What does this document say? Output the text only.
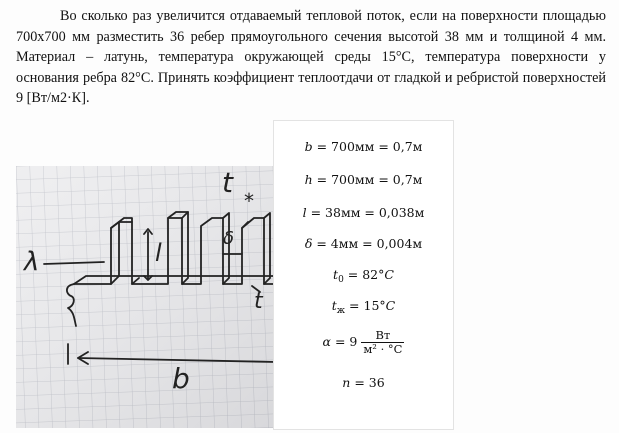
Во сколько раз увеличится отдаваемый тепловой поток, если на поверхности площадью 700х700 мм разместить 36 ребер прямоугольного сечения высотой 38 мм и толщиной 4 мм. Материал – латунь, температура окружающей среды 15°С, температура поверхности у основания ребра 82°С. Принять коэффициент теплоотдачи от гладкой и ребристой поверхностей 9 [Вт/м2·К].

t
*
δ
l
λ
t
b
b = 700мм = 0,7м
h = 700мм = 0,7м
l = 38мм = 0,038м
δ = 4мм = 0,004м
$t_0 = 82^\circ C$
$t_ж = 15^\circ C$
$\alpha = 9 \frac{Вт}{\text{м² · °С}}$
n = 36
